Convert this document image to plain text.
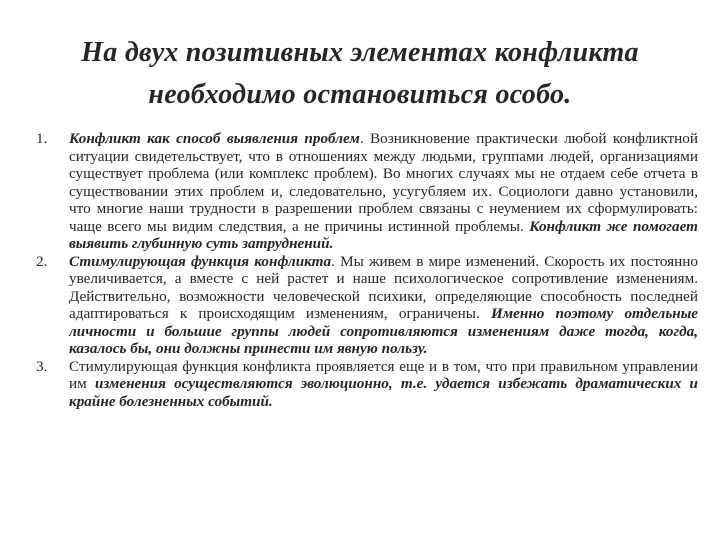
На двух позитивных элементах конфликта
необходимо остановиться особо.

1. Конфликт как способ выявления проблем. Возникновение практически любой конфликтной ситуации свидетельствует, что в отношениях между людьми, группами людей, организациями существует проблема (или комплекс проблем). Во многих случаях мы не отдаем себе отчета в существовании этих проблем и, следовательно, усугубляем их. Социологи давно установили, что многие наши трудности в разрешении проблем связаны с неумением их сформулировать: чаще всего мы видим следствия, а не причины истинной проблемы. Конфликт же помогает выявить глубинную суть затруднений.

2. Стимулирующая функция конфликта. Мы живем в мире изменений. Скорость их постоянно увеличивается, а вместе с ней растет и наше психологическое сопротивление изменениям. Действительно, возможности человеческой психики, определяющие способность последней адаптироваться к происходящим изменениям, ограничены. Именно поэтому отдельные личности и большие группы людей сопротивляются изменениям даже тогда, когда, казалось бы, они должны принести им явную пользу.

3. Стимулирующая функция конфликта проявляется еще и в том, что при правильном управлении им изменения осуществляются эволюционно, т.е. удается избежать драматических и крайне болезненных событий.
